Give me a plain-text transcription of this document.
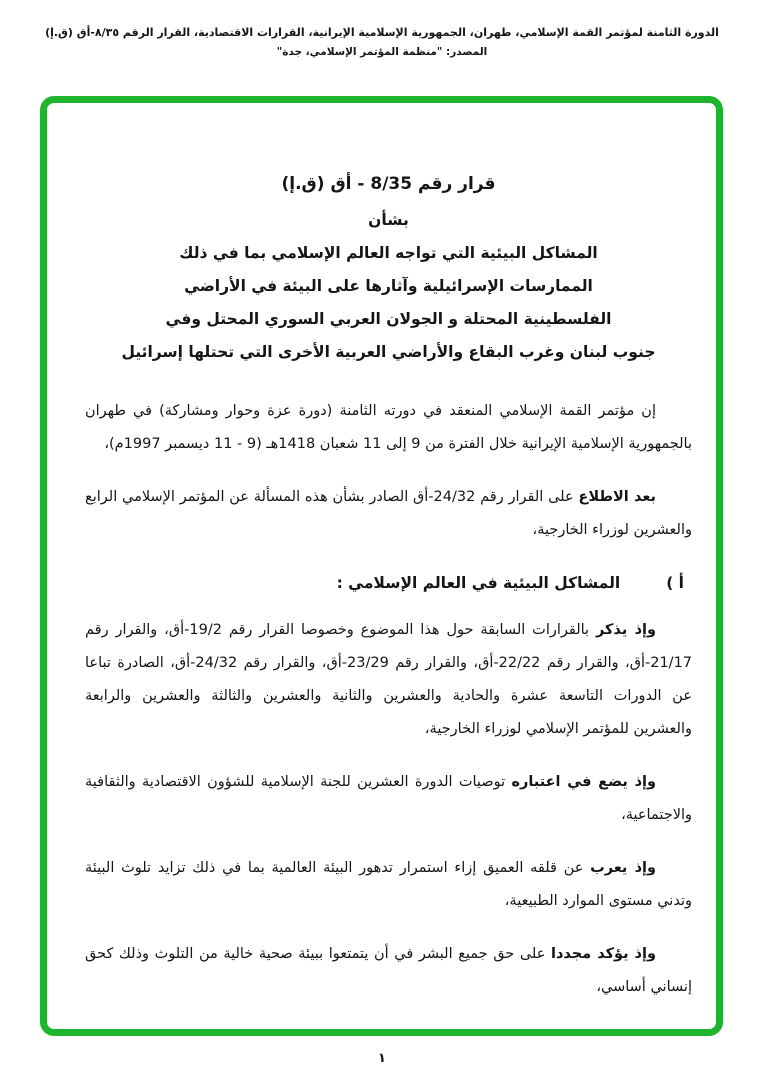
الدورة الثامنة لمؤتمر القمة الإسلامي، طهران، الجمهورية الإسلامية الإيرانية، القرارات الاقتصادية، القرار الرقم ٨/٣٥-أق (ق.إ)
المصدر: "منظمة المؤتمر الإسلامي، جدة"
قرار رقم 8/35 - أق (ق.إ)
بشأن
المشاكل البيئية التي تواجه العالم الإسلامي بما في ذلك
الممارسات الإسرائيلية وآثارها على البيئة في الأراضي
الفلسطينية المحتلة و الجولان العربي السوري المحتل وفي
جنوب لبنان وغرب البقاع والأراضي العربية الأخرى التي تحتلها إسرائيل

إن مؤتمر القمة الإسلامي المنعقد في دورته الثامنة (دورة عزة وحوار ومشاركة) في طهران بالجمهورية الإسلامية الإيرانية خلال الفترة من 9 إلى 11 شعبان 1418هـ (9 - 11 ديسمبر 1997م)،

بعد الاطلاع على القرار رقم 24/32-أق الصادر بشأن هذه المسألة عن المؤتمر الإسلامي الرابع والعشرين لوزراء الخارجية،

أ )
المشاكل البيئية في العالم الإسلامي :

وإذ يذكر بالقرارات السابقة حول هذا الموضوع وخصوصا القرار رقم 19/2-أق، والقرار رقم 21/17-أق، والقرار رقم 22/22-أق، والقرار رقم 23/29-أق، والقرار رقم 24/32-أق، الصادرة تباعا عن الدورات التاسعة عشرة والحادية والعشرين والثانية والعشرين والثالثة والعشرين والرابعة والعشرين للمؤتمر الإسلامي لوزراء الخارجية،

وإذ يضع في اعتباره توصيات الدورة العشرين للجنة الإسلامية للشؤون الاقتصادية والثقافية والاجتماعية،

وإذ يعرب عن قلقه العميق إزاء استمرار تدهور البيئة العالمية بما في ذلك تزايد تلوث البيئة وتدني مستوى الموارد الطبيعية،

وإذ يؤكد مجددا على حق جميع البشر في أن يتمتعوا ببيئة صحية خالية من التلوث وذلك كحق إنساني أساسي،

١
